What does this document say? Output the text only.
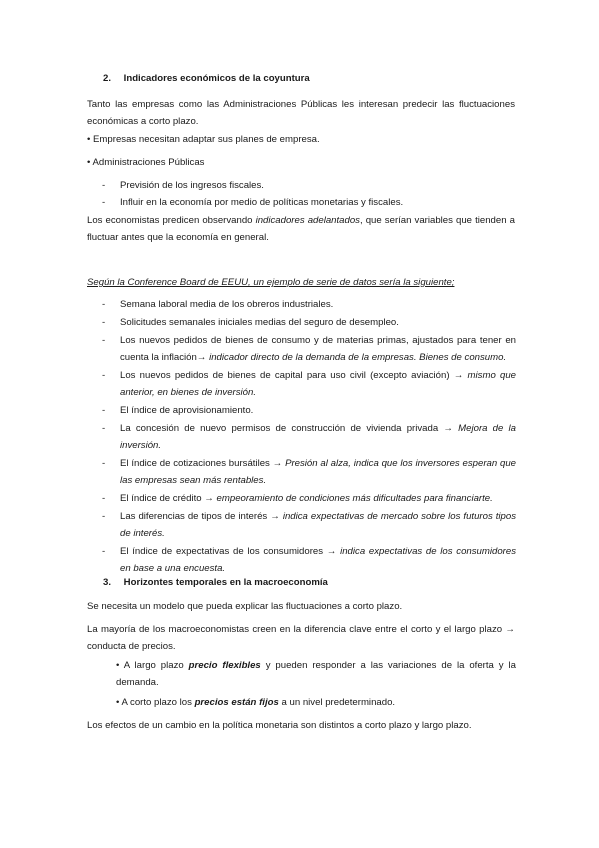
2. Indicadores económicos de la coyuntura
Tanto las empresas como las Administraciones Públicas les interesan predecir las fluctuaciones económicas a corto plazo.
• Empresas necesitan adaptar sus planes de empresa.
• Administraciones Públicas
- Previsión de los ingresos fiscales.
- Influir en la economía por medio de políticas monetarias y fiscales.
Los economistas predicen observando indicadores adelantados, que serían variables que tienden a fluctuar antes que la economía en general.
Según la Conference Board de EEUU, un ejemplo de serie de datos sería la siguiente;
- Semana laboral media de los obreros industriales.
- Solicitudes semanales iniciales medias del seguro de desempleo.
- Los nuevos pedidos de bienes de consumo y de materias primas, ajustados para tener en cuenta la inflación→ indicador directo de la demanda de la empresas. Bienes de consumo.
- Los nuevos pedidos de bienes de capital para uso civil (excepto aviación) → mismo que anterior, en bienes de inversión.
- El índice de aprovisionamiento.
- La concesión de nuevo permisos de construcción de vivienda privada → Mejora de la inversión.
- El índice de cotizaciones bursátiles → Presión al alza, indica que los inversores esperan que las empresas sean más rentables.
- El índice de crédito → empeoramiento de condiciones más dificultades para financiarte.
- Las diferencias de tipos de interés → indica expectativas de mercado sobre los futuros tipos de interés.
- El índice de expectativas de los consumidores → indica expectativas de los consumidores en base a una encuesta.
3. Horizontes temporales en la macroeconomía
Se necesita un modelo que pueda explicar las fluctuaciones a corto plazo.
La mayoría de los macroeconomistas creen en la diferencia clave entre el corto y el largo plazo → conducta de precios.
• A largo plazo precio flexibles y pueden responder a las variaciones de la oferta y la demanda.
• A corto plazo los precios están fijos a un nivel predeterminado.
Los efectos de un cambio en la política monetaria son distintos a corto plazo y largo plazo.
